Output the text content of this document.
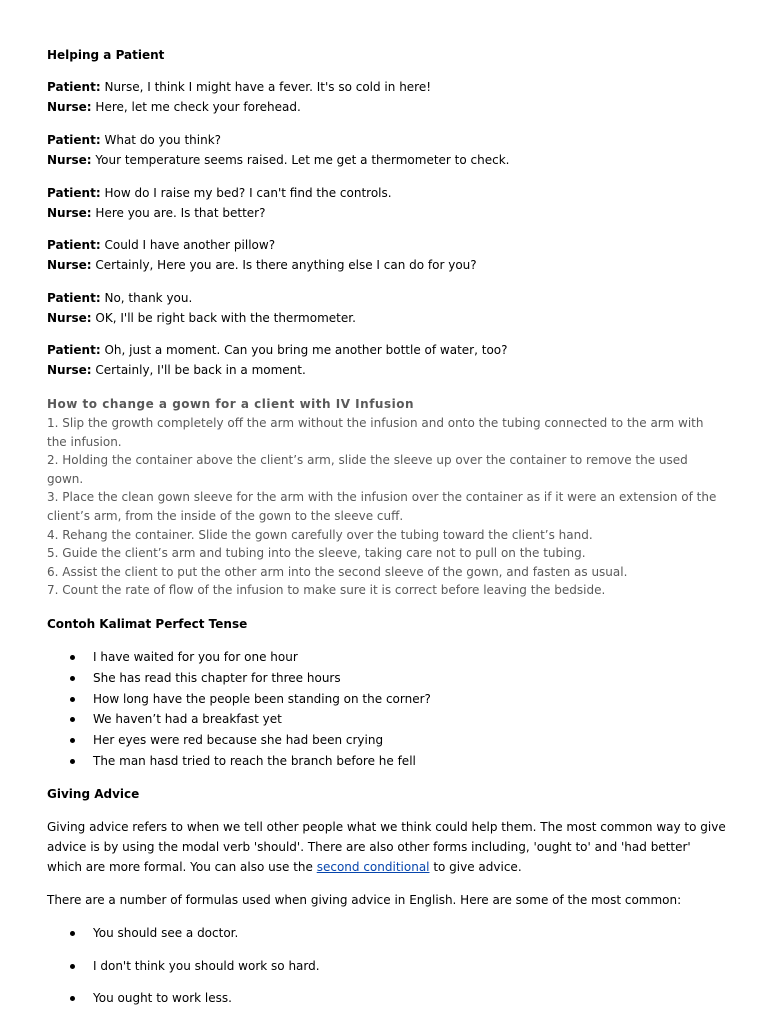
Helping a Patient
Patient: Nurse, I think I might have a fever. It's so cold in here!
Nurse: Here, let me check your forehead.
Patient: What do you think?
Nurse: Your temperature seems raised. Let me get a thermometer to check.
Patient: How do I raise my bed? I can't find the controls.
Nurse: Here you are. Is that better?
Patient: Could I have another pillow?
Nurse: Certainly, Here you are. Is there anything else I can do for you?
Patient: No, thank you.
Nurse: OK, I'll be right back with the thermometer.
Patient: Oh, just a moment. Can you bring me another bottle of water, too?
Nurse: Certainly, I'll be back in a moment.
How to change a gown for a client with IV Infusion
1. Slip the growth completely off the arm without the infusion and onto the tubing connected to the arm with the infusion.
2. Holding the container above the client’s arm, slide the sleeve up over the container to remove the used gown.
3. Place the clean gown sleeve for the arm with the infusion over the container as if it were an extension of the client’s arm, from the inside of the gown to the sleeve cuff.
4. Rehang the container. Slide the gown carefully over the tubing toward the client’s hand.
5. Guide the client’s arm and tubing into the sleeve, taking care not to pull on the tubing.
6. Assist the client to put the other arm into the second sleeve of the gown, and fasten as usual.
7. Count the rate of flow of the infusion to make sure it is correct before leaving the bedside.
Contoh Kalimat Perfect Tense
I have waited for you for one hour
She has read this chapter for three hours
How long have the people been standing on the corner?
We haven’t had a breakfast yet
Her eyes were red because she had been crying
The man hasd tried to reach the branch before he fell
Giving Advice
Giving advice refers to when we tell other people what we think could help them. The most common way to give advice is by using the modal verb 'should'. There are also other forms including, 'ought to' and 'had better' which are more formal. You can also use the second conditional to give advice.
There are a number of formulas used when giving advice in English. Here are some of the most common:
You should see a doctor.
I don't think you should work so hard.
You ought to work less.
